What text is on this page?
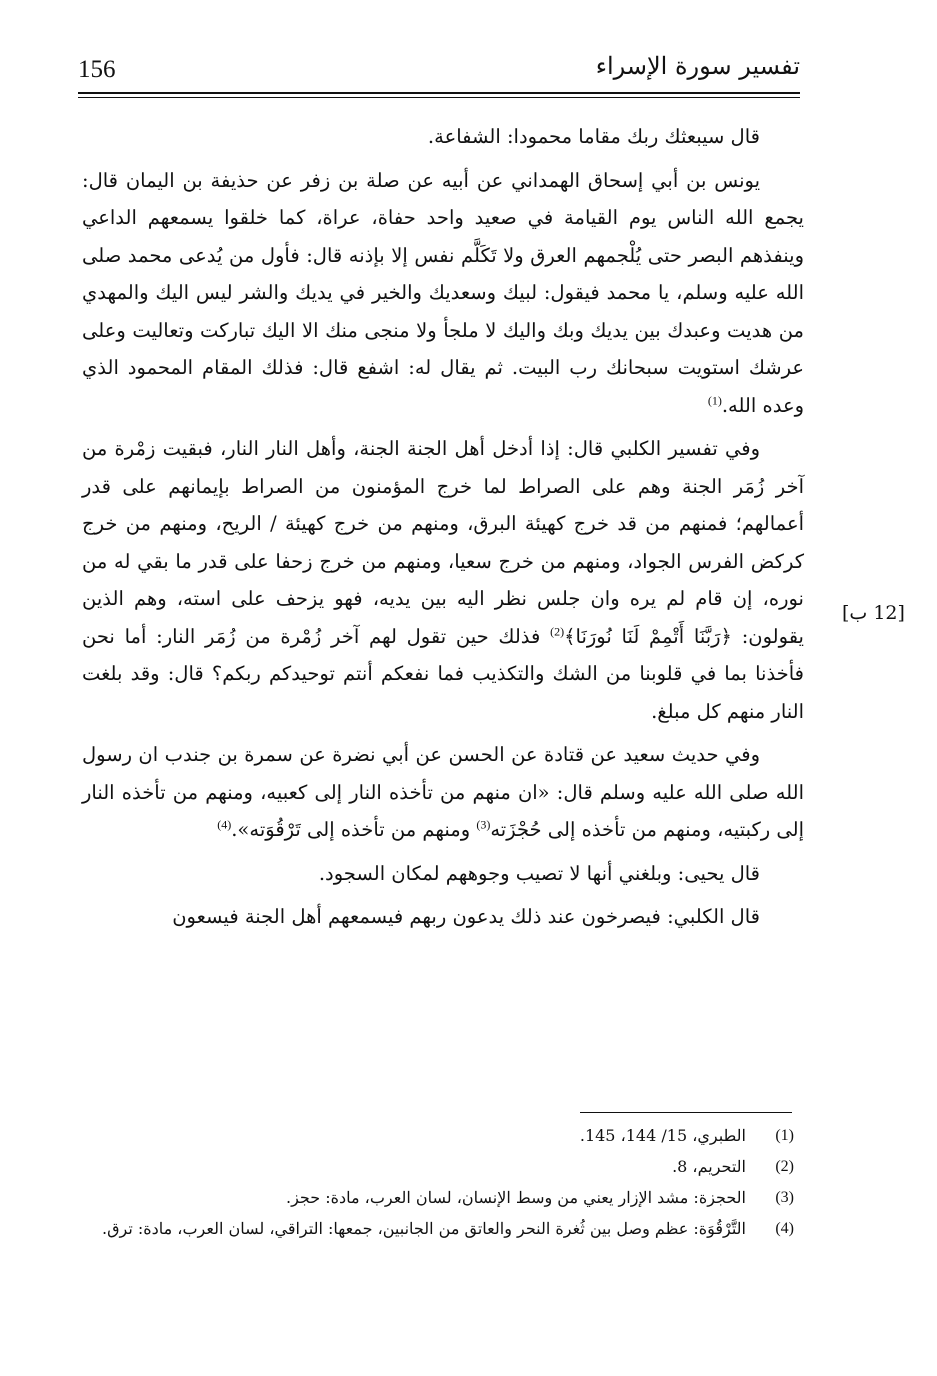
156	تفسير سورة الإسراء
[12 ب]

قال سيبعثك ربك مقاما محمودا: الشفاعة.

يونس بن أبي إسحاق الهمداني عن أبيه عن صلة بن زفر عن حذيفة بن اليمان قال: يجمع الله الناس يوم القيامة في صعيد واحد حفاة، عراة، كما خلقوا يسمعهم الداعي وينفذهم البصر حتى يُلْجمهم العرق ولا تَكَلَّم نفس إلا بإذنه قال: فأول من يُدعى محمد صلى الله عليه وسلم، يا محمد فيقول: لبيك وسعديك والخير في يديك والشر ليس اليك والمهدي من هديت وعبدك بين يديك وبك واليك لا ملجأ ولا منجى منك الا اليك تباركت وتعاليت وعلى عرشك استويت سبحانك رب البيت. ثم يقال له: اشفع قال: فذلك المقام المحمود الذي وعده الله.$^{(1)}$

وفي تفسير الكلبي قال: إذا أدخل أهل الجنة الجنة، وأهل النار النار، فبقيت زمْرة من آخر زُمَر الجنة وهم على الصراط لما خرج المؤمنون من الصراط بإيمانهم على قدر أعمالهم؛ فمنهم من قد خرج كهيئة البرق، ومنهم من خرج كهيئة / الريح، ومنهم من خرج كركض الفرس الجواد، ومنهم من خرج سعيا، ومنهم من خرج زحفا على قدر ما بقي له من نوره، إن قام لم يره وان جلس نظر اليه بين يديه، فهو يزحف على استه، وهم الذين يقولون: ﴿رَبَّنَا أَتْمِمْ لَنَا نُورَنَا﴾$^{(2)}$ فذلك حين تقول لهم آخر زُمْرة من زُمَر النار: أما نحن فأخذنا بما في قلوبنا من الشك والتكذيب فما نفعكم أنتم توحيدكم ربكم؟ قال: وقد بلغت النار منهم كل مبلغ.

وفي حديث سعيد عن قتادة عن الحسن عن أبي نضرة عن سمرة بن جندب ان رسول الله صلى الله عليه وسلم قال: «ان منهم من تأخذه النار إلى كعبيه، ومنهم من تأخذه النار إلى ركبتيه، ومنهم من تأخذه إلى حُجْزَته$^{(3)}$ ومنهم من تأخذه إلى تَرْقُوَته».$^{(4)}$

قال يحيى: وبلغني أنها لا تصيب وجوههم لمكان السجود.

قال الكلبي: فيصرخون عند ذلك يدعون ربهم فيسمعهم أهل الجنة فيسعون

(1)
الطبري، 15/ 144، 145.
(2)
التحريم، 8.
(3)
الحجزة: مشد الإزار يعني من وسط الإنسان، لسان العرب، مادة: حجز.
(4)
التَّرْقُوَة: عظم وصل بين ثُغرة النحر والعاتق من الجانبين، جمعها: التراقي، لسان العرب، مادة: ترق.
